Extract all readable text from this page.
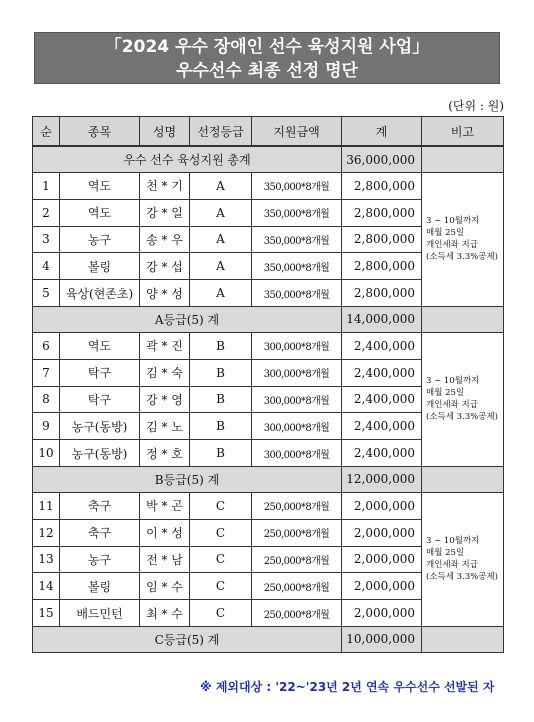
「2024 우수 장애인 선수 육성지원 사업」
우수선수 최종 선정 명단
(단위 : 원)
순	종목	성명	선정등급	지원금액	계	비고
우수 선수 육성지원 총계					36,000,000	
1	역도	천 * 기	A	350,000*8개월	2,800,000	3 ~ 10월까지
매월 25일
개인세좌 지급
(소득세 3.3%공제)

2	역도	강 * 일	A	350,000*8개월	2,800,000	
3	농구	송 * 우	A	350,000*8개월	2,800,000	
4	볼링	강 * 섭	A	350,000*8개월	2,800,000	
5	육상(현존초)	양 * 성	A	350,000*8개월	2,800,000	
A등급(5) 계					14,000,000	
6	역도	곽 * 진	B	300,000*8개월	2,400,000	3 ~ 10월까지
매월 25일
개인세좌 지급
(소득세 3.3%공제)

7	탁구	김 * 숙	B	300,000*8개월	2,400,000	
8	탁구	강 * 영	B	300,000*8개월	2,400,000	
9	농구(동방)	김 * 노	B	300,000*8개월	2,400,000	
10	농구(동방)	정 * 호	B	300,000*8개월	2,400,000	
B등급(5) 계					12,000,000	
11	축구	박 * 곤	C	250,000*8개월	2,000,000	3 ~ 10월까지
매월 25일
개인세좌 지급
(소득세 3.3%공제)

12	축구	이 * 성	C	250,000*8개월	2,000,000	
13	농구	전 * 남	C	250,000*8개월	2,000,000	
14	볼링	임 * 수	C	250,000*8개월	2,000,000	
15	배드민턴	최 * 수	C	250,000*8개월	2,000,000	
C등급(5) 계					10,000,000	
※ 제외대상 : '22~'23년 2년 연속 우수선수 선발된 자
